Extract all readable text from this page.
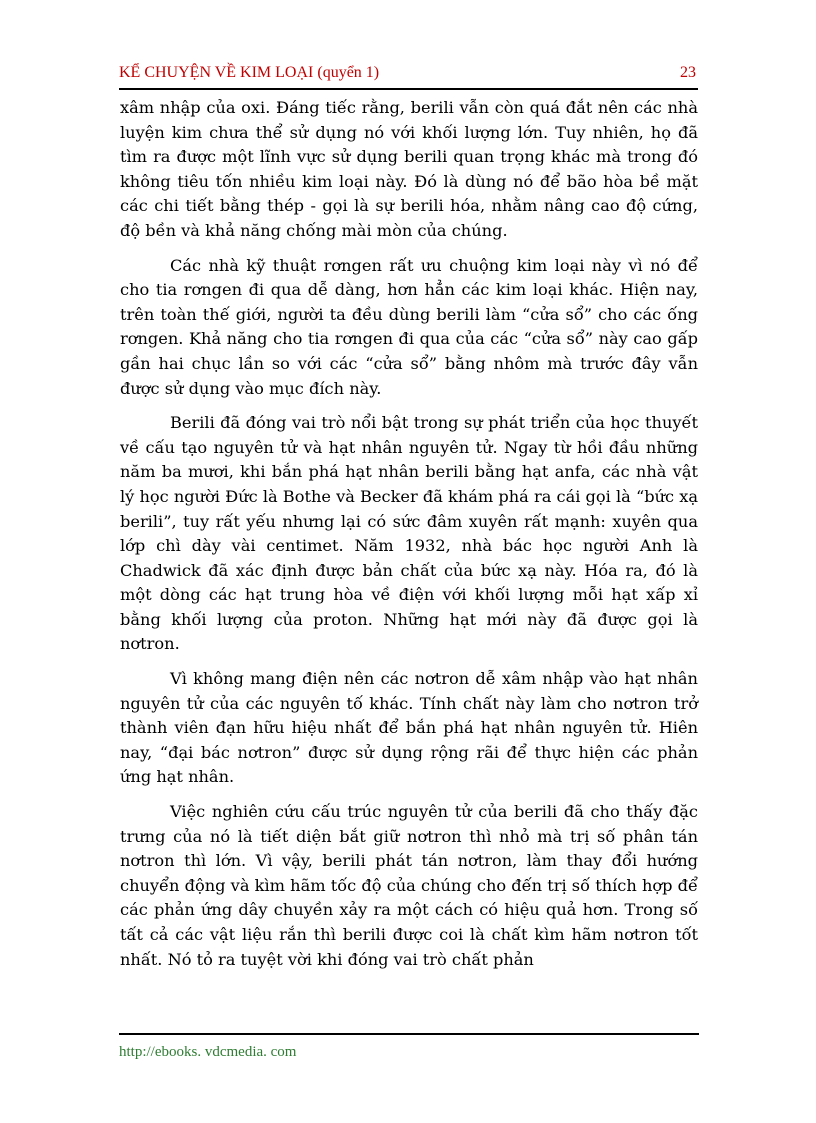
KỂ CHUYỆN VỀ KIM LOẠI (quyển 1)	23

xâm nhập của oxi. Đáng tiếc rằng, berili vẫn còn quá đắt nên các nhà luyện kim chưa thể sử dụng nó với khối lượng lớn. Tuy nhiên, họ đã tìm ra được một lĩnh vực sử dụng berili quan trọng khác mà trong đó không tiêu tốn nhiều kim loại này. Đó là dùng nó để bão hòa bề mặt các chi tiết bằng thép - gọi là sự berili hóa, nhằm nâng cao độ cứng, độ bền và khả năng chống mài mòn của chúng.

Các nhà kỹ thuật rơngen rất ưu chuộng kim loại này vì nó để cho tia rơngen đi qua dễ dàng, hơn hẳn các kim loại khác. Hiện nay, trên toàn thế giới, người ta đều dùng berili làm “cửa sổ” cho các ống rơngen. Khả năng cho tia rơngen đi qua của các “cửa sổ” này cao gấp gần hai chục lần so với các “cửa sổ” bằng nhôm mà trước đây vẫn được sử dụng vào mục đích này.

Berili đã đóng vai trò nổi bật trong sự phát triển của học thuyết về cấu tạo nguyên tử và hạt nhân nguyên tử. Ngay từ hồi đầu những năm ba mươi, khi bắn phá hạt nhân berili bằng hạt anfa, các nhà vật lý học người Đức là Bothe và Becker đã khám phá ra cái gọi là “bức xạ berili”, tuy rất yếu nhưng lại có sức đâm xuyên rất mạnh: xuyên qua lớp chì dày vài centimet. Năm 1932, nhà bác học người Anh là Chadwick đã xác định được bản chất của bức xạ này. Hóa ra, đó là một dòng các hạt trung hòa về điện với khối lượng mỗi hạt xấp xỉ bằng khối lượng của proton. Những hạt mới này đã được gọi là nơtron.

Vì không mang điện nên các nơtron dễ xâm nhập vào hạt nhân nguyên tử của các nguyên tố khác. Tính chất này làm cho nơtron trở thành viên đạn hữu hiệu nhất để bắn phá hạt nhân nguyên tử. Hiên nay, “đại bác nơtron” được sử dụng rộng rãi để thực hiện các phản ứng hạt nhân.

Việc nghiên cứu cấu trúc nguyên tử của berili đã cho thấy đặc trưng của nó là tiết diện bắt giữ nơtron thì nhỏ mà trị số phân tán nơtron thì lớn. Vì vậy, berili phát tán nơtron, làm thay đổi hướng chuyển động và kìm hãm tốc độ của chúng cho đến trị số thích hợp để các phản ứng dây chuyền xảy ra một cách có hiệu quả hơn. Trong số tất cả các vật liệu rắn thì berili được coi là chất kìm hãm nơtron tốt nhất. Nó tỏ ra tuyệt vời khi đóng vai trò chất phản

http://ebooks. vdcmedia. com
